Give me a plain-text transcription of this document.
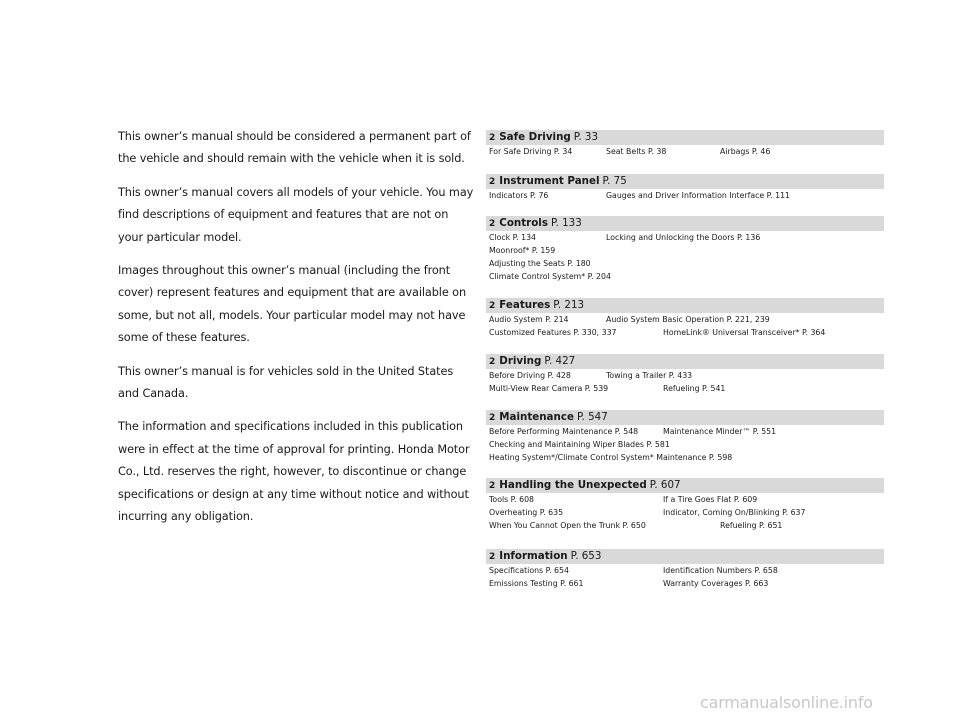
This owner’s manual should be considered a permanent part of the vehicle and should remain with the vehicle when it is sold.

This owner’s manual covers all models of your vehicle. You may find descriptions of equipment and features that are not on your particular model.

Images throughout this owner’s manual (including the front cover) represent features and equipment that are available on some, but not all, models. Your particular model may not have some of these features.

This owner’s manual is for vehicles sold in the United States and Canada.

The information and specifications included in this publication were in effect at the time of approval for printing. Honda Motor Co., Ltd. reserves the right, however, to discontinue or change specifications or design at any time without notice and without incurring any obligation.

2 Safe Driving P. 33
For Safe Driving P. 34	Seat Belts P. 38	Airbags P. 46
2 Instrument Panel P. 75
Indicators P. 76	Gauges and Driver Information Interface P. 111
2 Controls P. 133
Clock P. 134	Locking and Unlocking the Doors P. 136
Moonroof* P. 159
Adjusting the Seats P. 180
Climate Control System* P. 204
2 Features P. 213
Audio System P. 214	Audio System Basic Operation P. 221, 239
Customized Features P. 330, 337	HomeLink® Universal Transceiver* P. 364
2 Driving P. 427
Before Driving P. 428	Towing a Trailer P. 433
Multi-View Rear Camera P. 539	Refueling P. 541
2 Maintenance P. 547
Before Performing Maintenance P. 548	Maintenance Minder™ P. 551
Checking and Maintaining Wiper Blades P. 581
Heating System*/Climate Control System* Maintenance P. 598
2 Handling the Unexpected P. 607
Tools P. 608	If a Tire Goes Flat P. 609
Overheating P. 635	Indicator, Coming On/Blinking P. 637
When You Cannot Open the Trunk P. 650	Refueling P. 651
2 Information P. 653
Specifications P. 654	Identification Numbers P. 658
Emissions Testing P. 661	Warranty Coverages P. 663
carmanualsonline.info
